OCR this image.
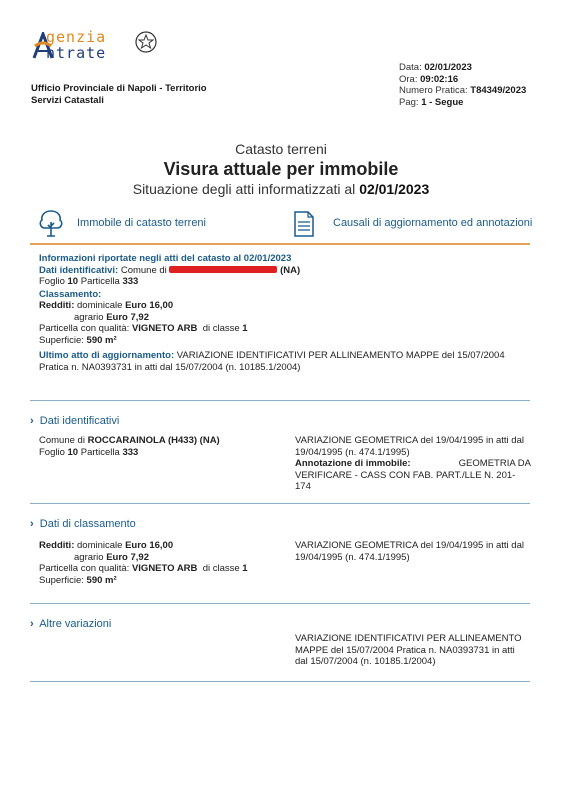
genzia
ntrate
Ufficio Provinciale di Napoli - Territorio
Servizi Catastali
Data: 02/01/2023
Ora: 09:02:16
Numero Pratica: T84349/2023
Pag: 1 - Segue
Catasto terreni
Visura attuale per immobile
Situazione degli atti informatizzati al 02/01/2023
Immobile di catasto terreni	Causali di aggiornamento ed annotazioni
Informazioni riportate negli atti del catasto al 02/01/2023
Dati identificativi: Comune di	(NA)
Foglio 10 Particella 333
Classamento:
Redditi: dominicale Euro 16,00
agrario Euro 7,92
Particella con qualità: VIGNETO ARB di classe 1
Superficie: 590 m²
Ultimo atto di aggiornamento: VARIAZIONE IDENTIFICATIVI PER ALLINEAMENTO MAPPE del 15/07/2004
Pratica n. NA0393731 in atti dal 15/07/2004 (n. 10185.1/2004)
› Dati identificativi
Comune di ROCCARAINOLA (H433) (NA)
Foglio 10 Particella 333
VARIAZIONE GEOMETRICA del 19/04/1995 in atti dal
19/04/1995 (n. 474.1/1995)
Annotazione di immobile:	GEOMETRIA DA
VERIFICARE - CASS CON FAB. PART./LLE N. 201-174
› Dati di classamento
Redditi: dominicale Euro 16,00
agrario Euro 7,92
Particella con qualità: VIGNETO ARB di classe 1
Superficie: 590 m²
VARIAZIONE GEOMETRICA del 19/04/1995 in atti dal
19/04/1995 (n. 474.1/1995)
› Altre variazioni
VARIAZIONE IDENTIFICATIVI PER ALLINEAMENTO
MAPPE del 15/07/2004 Pratica n. NA0393731 in atti
dal 15/07/2004 (n. 10185.1/2004)
